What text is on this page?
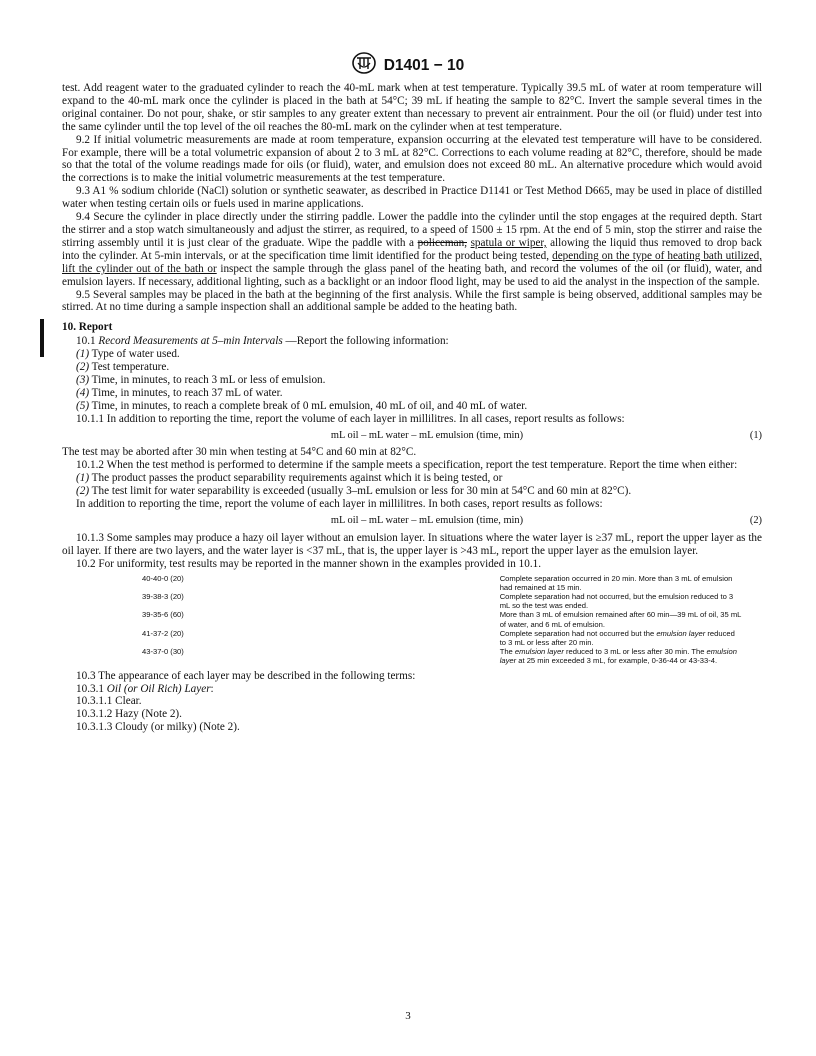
D1401 − 10

test. Add reagent water to the graduated cylinder to reach the 40-mL mark when at test temperature. Typically 39.5 mL of water at room temperature will expand to the 40-mL mark once the cylinder is placed in the bath at 54°C; 39 mL if heating the sample to 82°C. Invert the sample several times in the original container. Do not pour, shake, or stir samples to any greater extent than necessary to prevent air entrainment. Pour the oil (or fluid) under test into the same cylinder until the top level of the oil reaches the 80-mL mark on the cylinder when at test temperature.

9.2 If initial volumetric measurements are made at room temperature, expansion occurring at the elevated test temperature will have to be considered. For example, there will be a total volumetric expansion of about 2 to 3 mL at 82°C. Corrections to each volume reading at 82°C, therefore, should be made so that the total of the volume readings made for oils (or fluid), water, and emulsion does not exceed 80 mL. An alternative procedure which would avoid the corrections is to make the initial volumetric measurements at the test temperature.

9.3 A1 % sodium chloride (NaCl) solution or synthetic seawater, as described in Practice D1141 or Test Method D665, may be used in place of distilled water when testing certain oils or fuels used in marine applications.

9.4 Secure the cylinder in place directly under the stirring paddle. Lower the paddle into the cylinder until the stop engages at the required depth. Start the stirrer and a stop watch simultaneously and adjust the stirrer, as required, to a speed of 1500 ± 15 rpm. At the end of 5 min, stop the stirrer and raise the stirring assembly until it is just clear of the graduate. Wipe the paddle with a policeman, spatula or wiper, allowing the liquid thus removed to drop back into the cylinder. At 5-min intervals, or at the specification time limit identified for the product being tested, depending on the type of heating bath utilized, lift the cylinder out of the bath or inspect the sample through the glass panel of the heating bath, and record the volumes of the oil (or fluid), water, and emulsion layers. If necessary, additional lighting, such as a backlight or an indoor flood light, may be used to aid the analyst in the inspection of the sample.

9.5 Several samples may be placed in the bath at the beginning of the first analysis. While the first sample is being observed, additional samples may be stirred. At no time during a sample inspection shall an additional sample be added to the heating bath.

10. Report

10.1 Record Measurements at 5–min Intervals —Report the following information:

(1) Type of water used.

(2) Test temperature.

(3) Time, in minutes, to reach 3 mL or less of emulsion.

(4) Time, in minutes, to reach 37 mL of water.

(5) Time, in minutes, to reach a complete break of 0 mL emulsion, 40 mL of oil, and 40 mL of water.

10.1.1 In addition to reporting the time, report the volume of each layer in millilitres. In all cases, report results as follows:

mL oil – mL water – mL emulsion (time, min)	(1)

The test may be aborted after 30 min when testing at 54°C and 60 min at 82°C.

10.1.2 When the test method is performed to determine if the sample meets a specification, report the test temperature. Report the time when either:

(1) The product passes the product separability requirements against which it is being tested, or

(2) The test limit for water separability is exceeded (usually 3–mL emulsion or less for 30 min at 54°C and 60 min at 82°C).

In addition to reporting the time, report the volume of each layer in millilitres. In both cases, report results as follows:

mL oil – mL water – mL emulsion (time, min)	(2)

10.1.3 Some samples may produce a hazy oil layer without an emulsion layer. In situations where the water layer is ≥37 mL, report the upper layer as the oil layer. If there are two layers, and the water layer is <37 mL, that is, the upper layer is >43 mL, report the upper layer as the emulsion layer.

10.2 For uniformity, test results may be reported in the manner shown in the examples provided in 10.1.

40-40-0 (20)	Complete separation occurred in 20 min. More than 3 mL of emulsion had remained at 15 min.
39-38-3 (20)	Complete separation had not occurred, but the emulsion reduced to 3 mL so the test was ended.
39-35-6 (60)	More than 3 mL of emulsion remained after 60 min—39 mL of oil, 35 mL of water, and 6 mL of emulsion.
41-37-2 (20)	Complete separation had not occurred but the emulsion layer reduced to 3 mL or less after 20 min.
43-37-0 (30)	The emulsion layer reduced to 3 mL or less after 30 min. The emulsion layer at 25 min exceeded 3 mL, for example, 0-36-44 or 43-33-4.

10.3 The appearance of each layer may be described in the following terms:

10.3.1 Oil (or Oil Rich) Layer:

10.3.1.1 Clear.

10.3.1.2 Hazy (Note 2).

10.3.1.3 Cloudy (or milky) (Note 2).

3
